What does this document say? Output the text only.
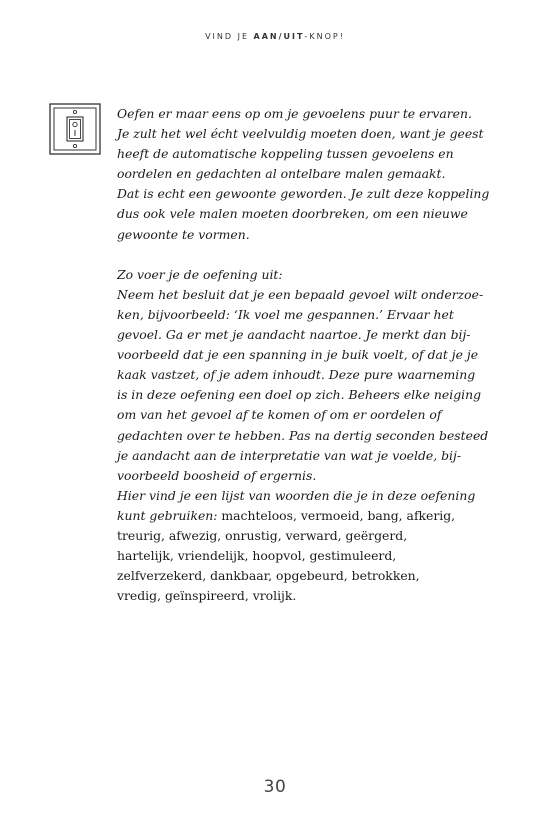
VIND JE AAN/UIT-KNOP!

Oefen er maar eens op om je gevoelens puur te ervaren.

Je zult het wel écht veelvuldig moeten doen, want je geest

heeft de automatische koppeling tussen gevoelens en

oordelen en gedachten al ontelbare malen gemaakt.

Dat is echt een gewoonte geworden. Je zult deze koppeling

dus ook vele malen moeten doorbreken, om een nieuwe

gewoonte te vormen.

Zo voer je de oefening uit:

Neem het besluit dat je een bepaald gevoel wilt onderzoe-

ken, bijvoorbeeld: ‘Ik voel me gespannen.’ Ervaar het

gevoel. Ga er met je aandacht naartoe. Je merkt dan bij-

voorbeeld dat je een spanning in je buik voelt, of dat je je

kaak vastzet, of je adem inhoudt. Deze pure waarneming

is in deze oefening een doel op zich. Beheers elke neiging

om van het gevoel af te komen of om er oordelen of

gedachten over te hebben. Pas na dertig seconden besteed

je aandacht aan de interpretatie van wat je voelde, bij-

voorbeeld boosheid of ergernis.

Hier vind je een lijst van woorden die je in deze oefening

kunt gebruiken: machteloos, vermoeid, bang, afkerig,

treurig, afwezig, onrustig, verward, geërgerd,

hartelijk, vriendelijk, hoopvol, gestimuleerd,

zelfverzekerd, dankbaar, opgebeurd, betrokken,

vredig, geïnspireerd, vrolijk.

30
